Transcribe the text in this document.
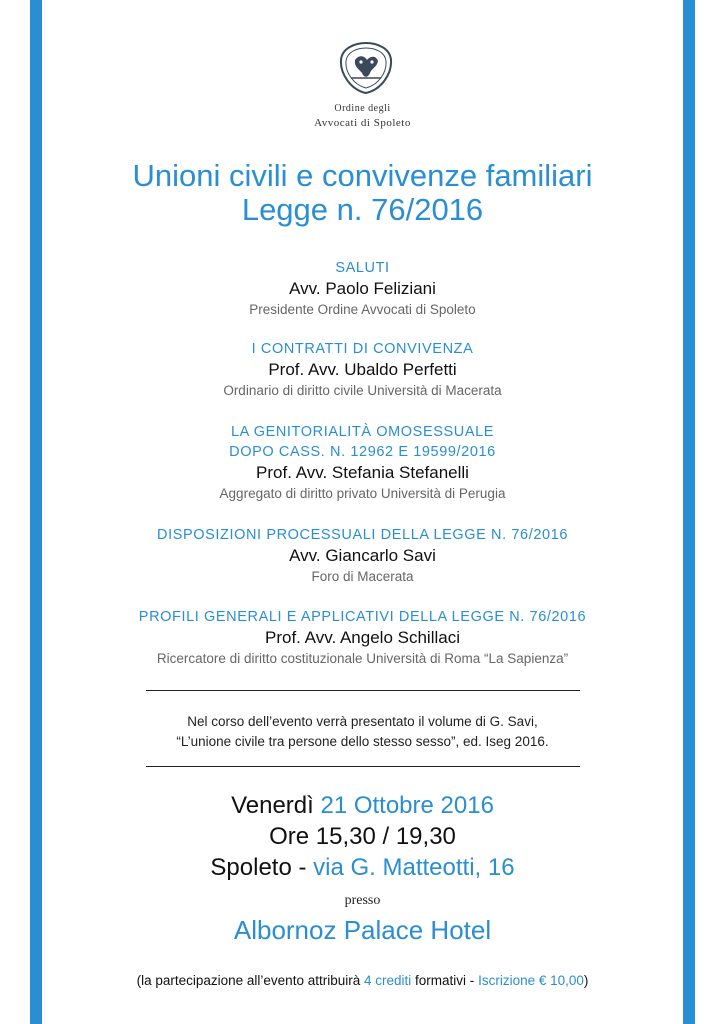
Ordine degli
Avvocati di Spoleto
Unioni civili e convivenze familiari
Legge n. 76/2016
SALUTI
Avv. Paolo Feliziani
Presidente Ordine Avvocati di Spoleto
I CONTRATTI DI CONVIVENZA
Prof. Avv. Ubaldo Perfetti
Ordinario di diritto civile Università di Macerata
LA GENITORIALITÀ OMOSESSUALE
DOPO CASS. N. 12962 E 19599/2016
Prof. Avv. Stefania Stefanelli
Aggregato di diritto privato Università di Perugia
DISPOSIZIONI PROCESSUALI DELLA LEGGE N. 76/2016
Avv. Giancarlo Savi
Foro di Macerata
PROFILI GENERALI E APPLICATIVI DELLA LEGGE N. 76/2016
Prof. Avv. Angelo Schillaci
Ricercatore di diritto costituzionale Università di Roma “La Sapienza”
Nel corso dell’evento verrà presentato il volume di G. Savi,
“L’unione civile tra persone dello stesso sesso”, ed. Iseg 2016.
Venerdì 21 Ottobre 2016
Ore 15,30 / 19,30
Spoleto - via G. Matteotti, 16
presso
Albornoz Palace Hotel
(la partecipazione all’evento attribuirà 4 crediti formativi - Iscrizione € 10,00)
